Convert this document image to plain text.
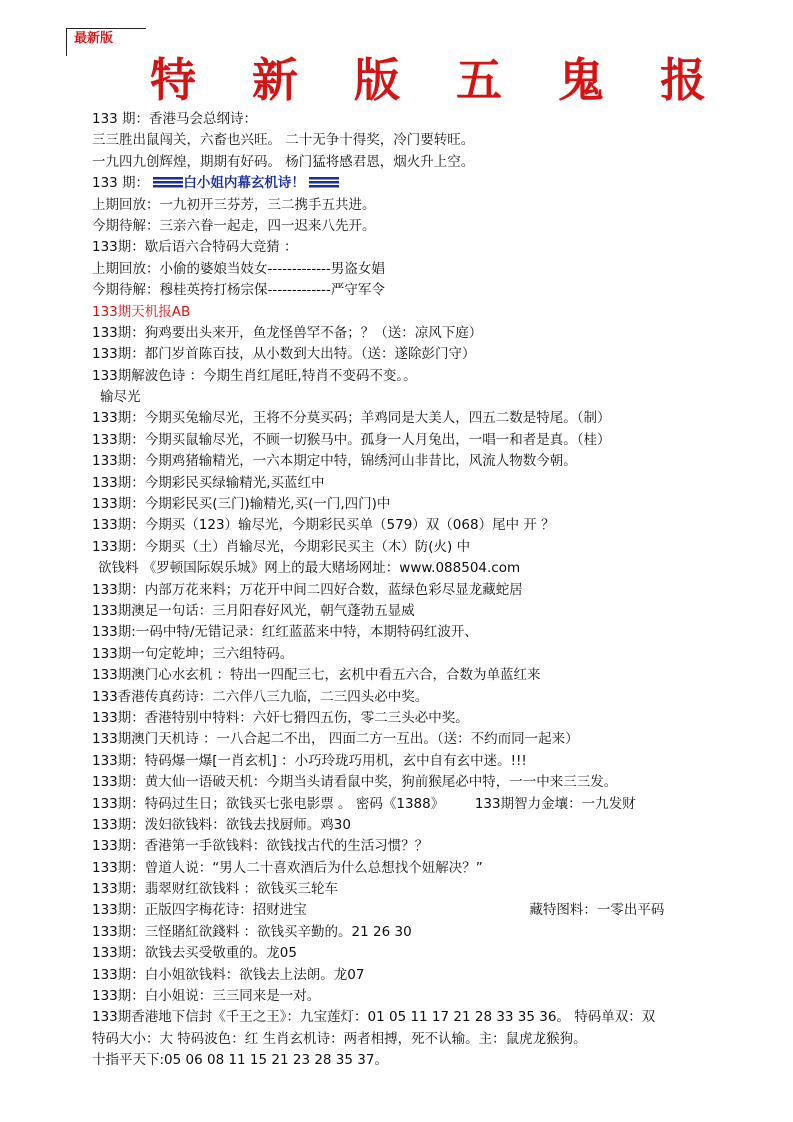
最新版
特 新 版 五 鬼 报
133 期：香港马会总纲诗：
三三胜出鼠闯关，六畜也兴旺。 二十无争十得奖，冷门要转旺。
一九四九创辉煌，期期有好码。 杨门猛将感君恩，烟火升上空。
133 期：	白小姐内幕玄机诗！
上期回放：一九初开三芬芳，三二携手五共进。
今期待解：三亲六眷一起走，四一迟来八先开。
133期：歇后语六合特码大竞猜 ：
上期回放：小偷的婆娘当妓女-------------男盗女娼
今期待解：穆桂英挎打杨宗保-------------严守军令
133期天机报AB
133期：狗鸡要出头来开，鱼龙怪兽罕不备；？（送：凉风下庭）
133期：都门岁首陈百技，从小数到大出特。（送：遂除彭门守）
133期解波色诗 ：今期生肖红尾旺,特肖不变码不变。。
输尽光
133期：今期买兔输尽光，王将不分莫买码；羊鸡同是大美人，四五二数是特尾。（制）
133期：今期买鼠输尽光，不顾一切猴马中。孤身一人月兔出，一唱一和者是真。（桂）
133期：今期鸡猪输精光，一六本期定中特，锦绣河山非昔比，风流人物数今朝。
133期：今期彩民买绿输精光,买蓝红中
133期：今期彩民买(三门)输精光,买(一门,四门)中
133期：今期买（123）输尽光，今期彩民买单（579）双（068）尾中 开 ？
133期：今期买（土）肖输尽光，今期彩民买主（木）防(火) 中
欲钱料 《罗顿国际娱乐城》网上的最大赌场网址：www.088504.com
133期：内部万花来料；万花开中间二四好合数，蓝绿色彩尽显龙藏蛇居
133期澳足一句话：三月阳春好风光，朝气蓬勃五显威
133期:一码中特/无错记录：红红蓝蓝来中特，本期特码红波开、
133期一句定乾坤；三六组特码。
133期澳门心水玄机 ：特出一四配三七，玄机中看五六合，合数为单蓝红来
133香港传真药诗：二六伴八三九临，二三四头必中奖。
133期：香港特别中特料：六奸七猾四五伤，零二三头必中奖。
133期澳门天机诗 ：一八合起二不出， 四面二方一互出。（送：不约而同一起来）
133期：特码爆一爆[一肖玄机] ：小巧玲珑巧用机，玄中自有玄中迷。!!!
133期：黄大仙一语破天机：今期当头请看鼠中奖，狗前猴尾必中特，一一中来三三发。
133期：特码过生日；欲钱买七张电影票 。 密码《1388》 133期智力金壤：一九发财
133期：泼妇欲钱料：欲钱去找厨师。鸡30
133期：香港第一手欲钱料：欲钱找古代的生活习惯？？
133期：曾道人说：“男人二十喜欢酒后为什么总想找个妞解决？”
133期：翡翠财红欲钱料 ：欲钱买三轮车
133期：正版四字梅花诗：招财进宝	藏特图料：一零出平码
133期：三怪賭紅欲錢料 ：欲钱买辛勤的。21 26 30
133期：欲钱去买受敬重的。龙05
133期：白小姐欲钱料：欲钱去上法朗。龙07
133期：白小姐说：三三同来是一对。
133期香港地下信封《千王之王》：九宝莲灯：01 05 11 17 21 28 33 35 36。 特码单双：双
特码大小：大 特码波色：红 生肖玄机诗：两者相搏，死不认输。主：鼠虎龙猴狗。
十指平天下:05 06 08 11 15 21 23 28 35 37。
